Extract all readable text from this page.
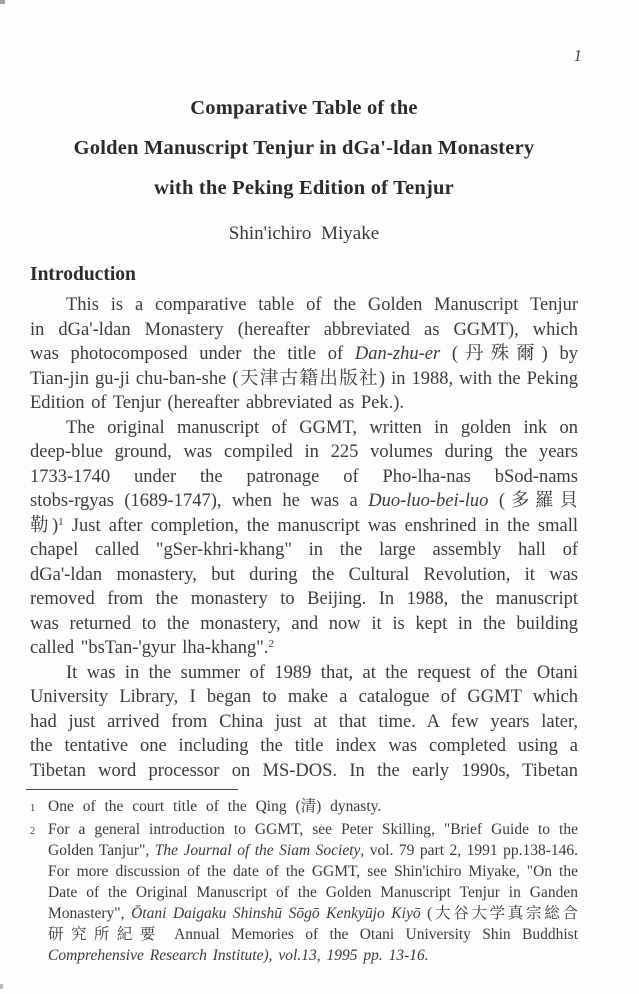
1
Comparative Table of the
Golden Manuscript Tenjur in dGa'-ldan Monastery
with the Peking Edition of Tenjur
Shin'ichiro Miyake
Introduction
This is a comparative table of the Golden Manuscript Tenjur
in dGa'-ldan Monastery (hereafter abbreviated as GGMT), which
was photocomposed under the title of Dan-zhu-er (丹殊爾) by
Tian-jin gu-ji chu-ban-she (天津古籍出版社) in 1988, with the Peking
Edition of Tenjur (hereafter abbreviated as Pek.).
The original manuscript of GGMT, written in golden ink on
deep-blue ground, was compiled in 225 volumes during the years
1733-1740 under the patronage of Pho-lha-nas bSod-nams
stobs-rgyas (1689-1747), when he was a Duo-luo-bei-luo (多羅貝
勒)$^1$ Just after completion, the manuscript was enshrined in the small
chapel called "gSer-khri-khang" in the large assembly hall of
dGa'-ldan monastery, but during the Cultural Revolution, it was
removed from the monastery to Beijing. In 1988, the manuscript
was returned to the monastery, and now it is kept in the building
called "bsTan-'gyur lha-khang".$^2$
It was in the summer of 1989 that, at the request of the Otani
University Library, I began to make a catalogue of GGMT which
had just arrived from China just at that time. A few years later,
the tentative one including the title index was completed using a
Tibetan word processor on MS-DOS. In the early 1990s, Tibetan
1 One of the court title of the Qing (清) dynasty.
2 For a general introduction to GGMT, see Peter Skilling, "Brief Guide to the
Golden Tanjur", The Journal of the Siam Society, vol. 79 part 2, 1991 pp.138-146.
For more discussion of the date of the GGMT, see Shin'ichiro Miyake, "On the
Date of the Original Manuscript of the Golden Manuscript Tenjur in Ganden
Monastery", Ōtani Daigaku Shinshū Sōgō Kenkyūjo Kiyō (大谷大学真宗総合
研究所紀要 Annual Memories of the Otani University Shin Buddhist
Comprehensive Research Institute), vol.13, 1995 pp. 13-16.
